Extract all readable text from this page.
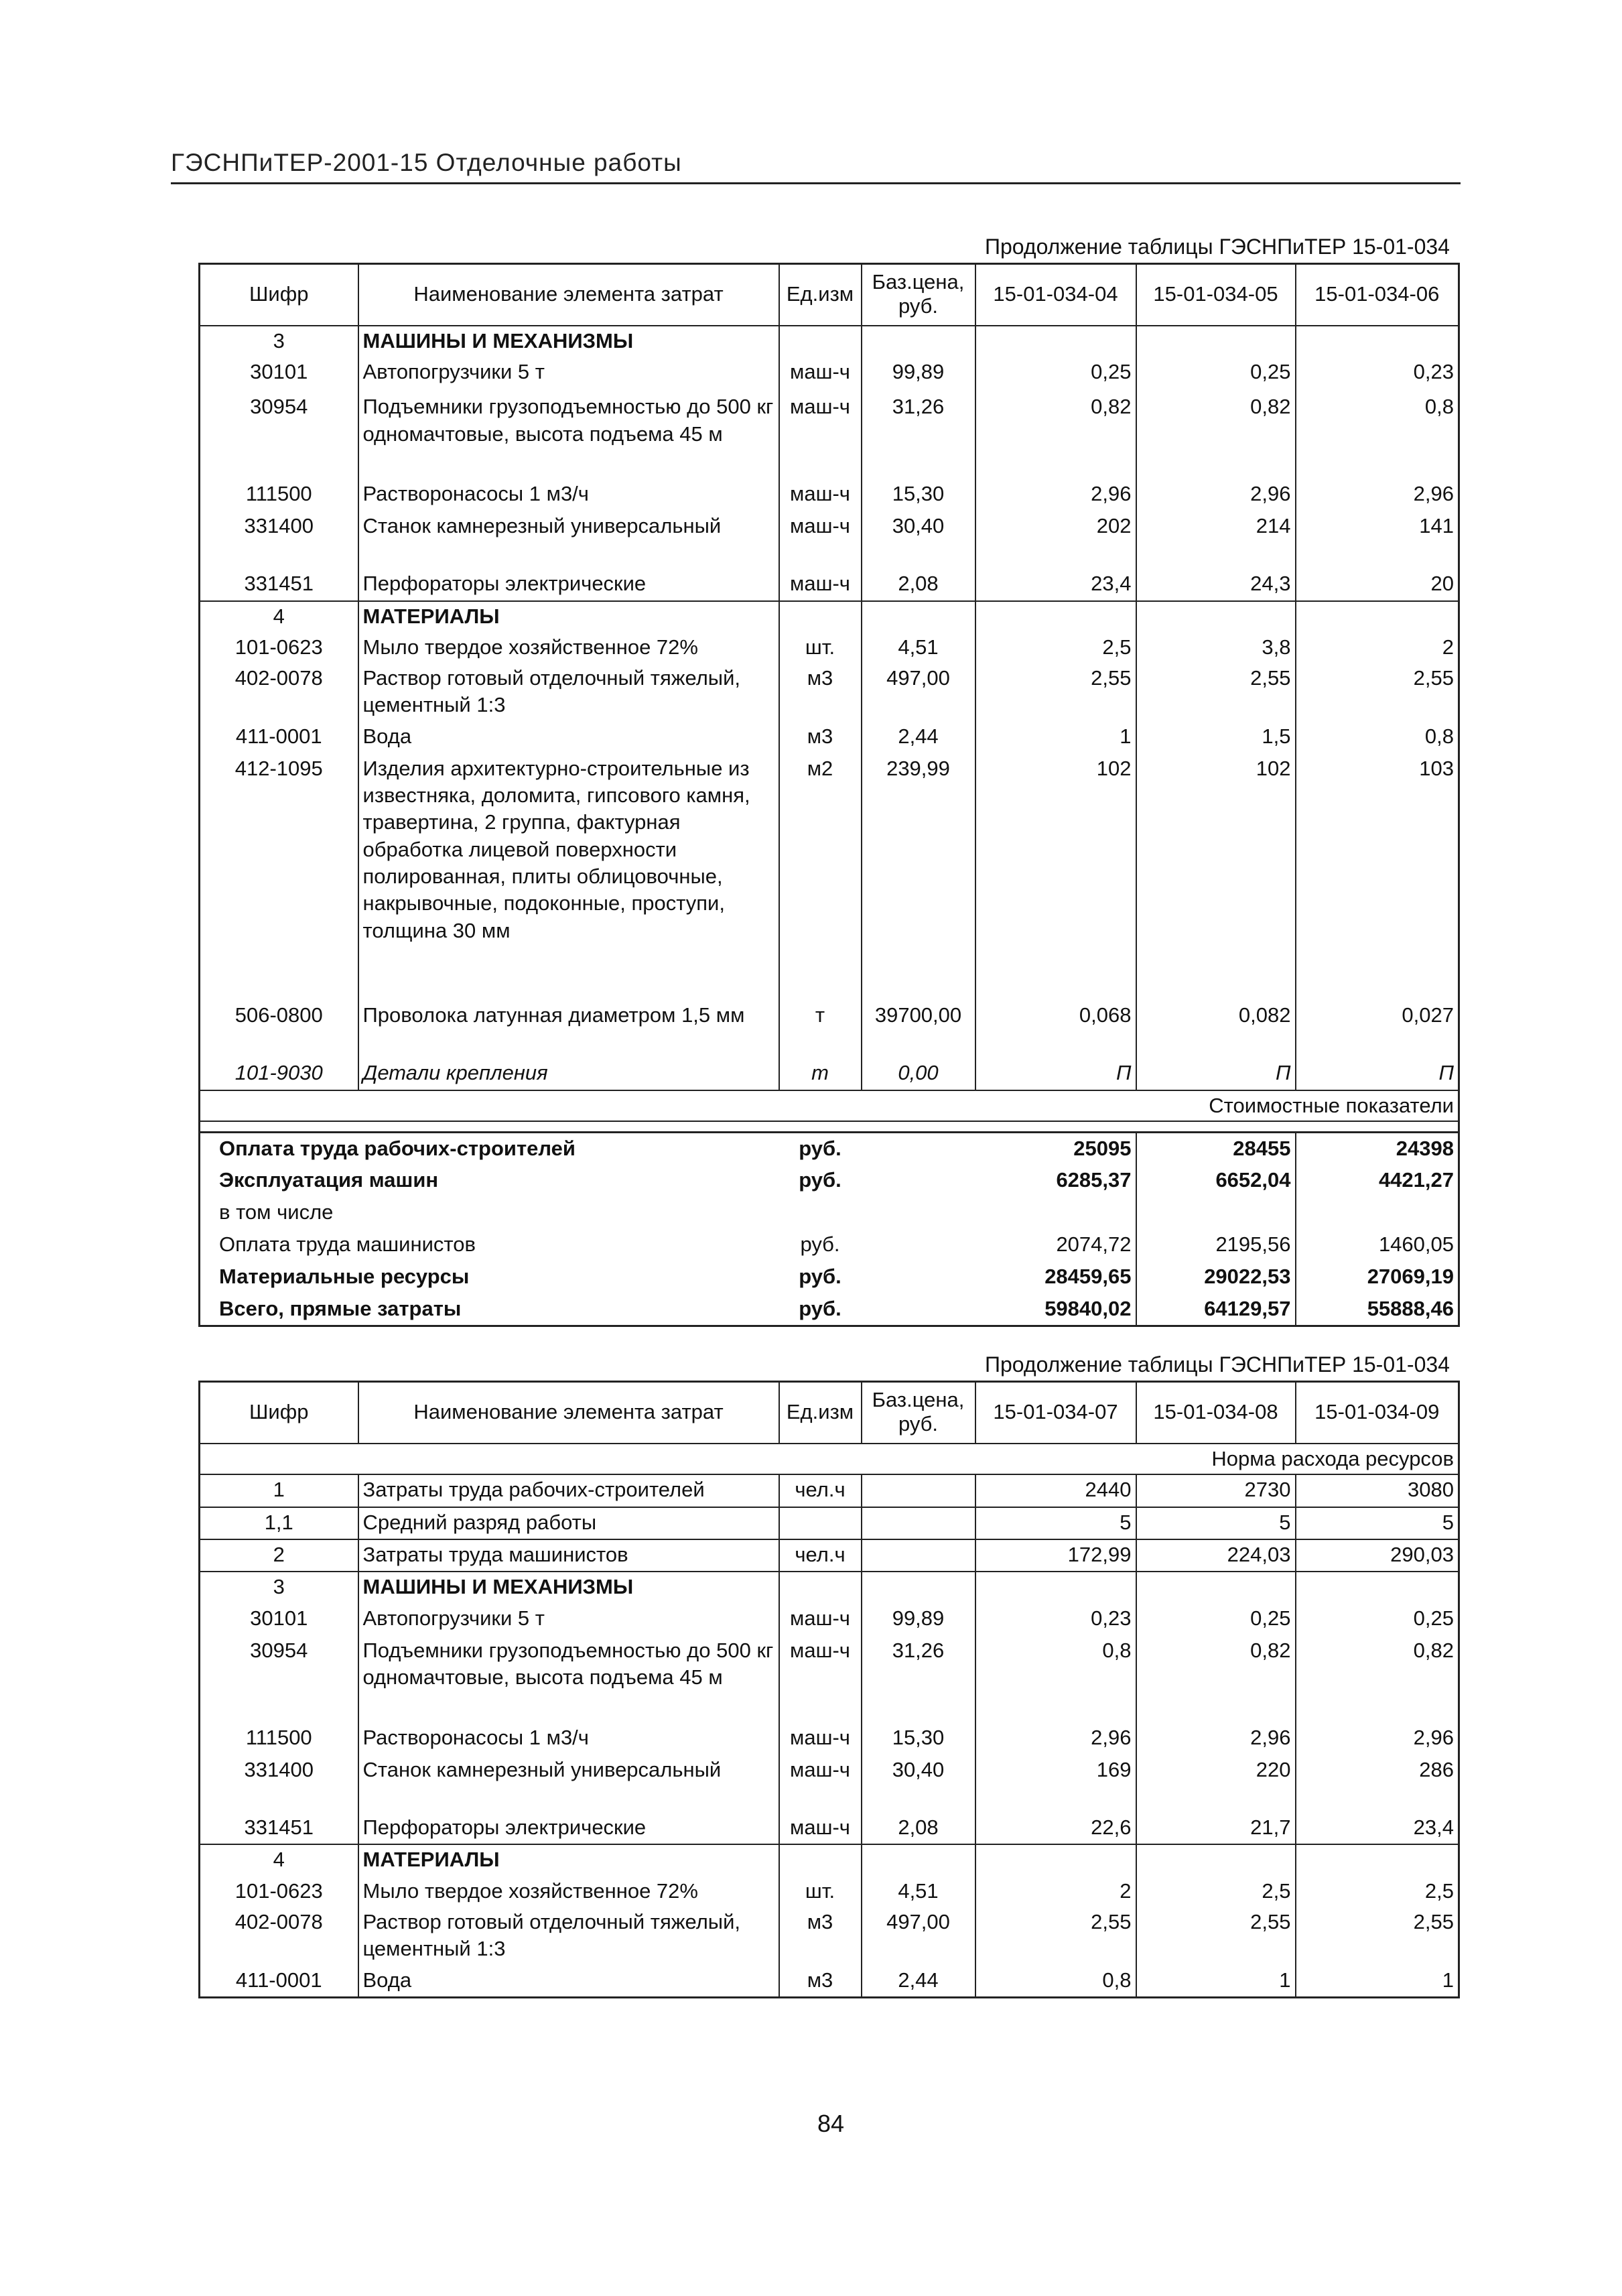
ГЭСНПиТЕР-2001-15 Отделочные работы
Продолжение таблицы ГЭСНПиТЕР 15-01-034
Шифр	Наименование элемента затрат	Ед.изм	Баз.цена, руб.	15-01-034-04	15-01-034-05	15-01-034-06
3	МАШИНЫ И МЕХАНИЗМЫ					
30101	Автопогрузчики 5 т	маш-ч	99,89	0,25	0,25	0,23
30954	Подъемники грузоподъемностью до 500 кг одномачтовые, высота подъема 45 м	маш-ч	31,26	0,82	0,82	0,8
111500	Растворонасосы 1 м3/ч	маш-ч	15,30	2,96	2,96	2,96
331400	Станок камнерезный универсальный	маш-ч	30,40	202	214	141
331451	Перфораторы электрические	маш-ч	2,08	23,4	24,3	20
4	МАТЕРИАЛЫ					
101-0623	Мыло твердое хозяйственное 72%	шт.	4,51	2,5	3,8	2
402-0078	Раствор готовый отделочный тяжелый, цементный 1:3	м3	497,00	2,55	2,55	2,55
411-0001	Вода	м3	2,44	1	1,5	0,8
412-1095	Изделия архитектурно-строительные из известняка, доломита, гипсового камня, травертина, 2 группа, фактурная обработка лицевой поверхности полированная, плиты облицовочные, накрывочные, подоконные, проступи, толщина 30 мм	м2	239,99	102	102	103
506-0800	Проволока латунная диаметром 1,5 мм	т	39700,00	0,068	0,082	0,027
101-9030	Детали крепления	т	0,00	П	П	П
Стоимостные показатели						

Оплата труда рабочих-строителей		руб.		25095	28455	24398
Эксплуатация машин		руб.		6285,37	6652,04	4421,27
в том числе						
Оплата труда машинистов		руб.		2074,72	2195,56	1460,05
Материальные ресурсы		руб.		28459,65	29022,53	27069,19
Всего, прямые затраты		руб.		59840,02	64129,57	55888,46
Продолжение таблицы ГЭСНПиТЕР 15-01-034
Шифр	Наименование элемента затрат	Ед.изм	Баз.цена, руб.	15-01-034-07	15-01-034-08	15-01-034-09
Норма расхода ресурсов						
1	Затраты труда рабочих-строителей	чел.ч		2440	2730	3080
1,1	Средний разряд работы			5	5	5
2	Затраты труда машинистов	чел.ч		172,99	224,03	290,03
3	МАШИНЫ И МЕХАНИЗМЫ					
30101	Автопогрузчики 5 т	маш-ч	99,89	0,23	0,25	0,25
30954	Подъемники грузоподъемностью до 500 кг одномачтовые, высота подъема 45 м	маш-ч	31,26	0,8	0,82	0,82
111500	Растворонасосы 1 м3/ч	маш-ч	15,30	2,96	2,96	2,96
331400	Станок камнерезный универсальный	маш-ч	30,40	169	220	286
331451	Перфораторы электрические	маш-ч	2,08	22,6	21,7	23,4
4	МАТЕРИАЛЫ					
101-0623	Мыло твердое хозяйственное 72%	шт.	4,51	2	2,5	2,5
402-0078	Раствор готовый отделочный тяжелый, цементный 1:3	м3	497,00	2,55	2,55	2,55
411-0001	Вода	м3	2,44	0,8	1	1
84
